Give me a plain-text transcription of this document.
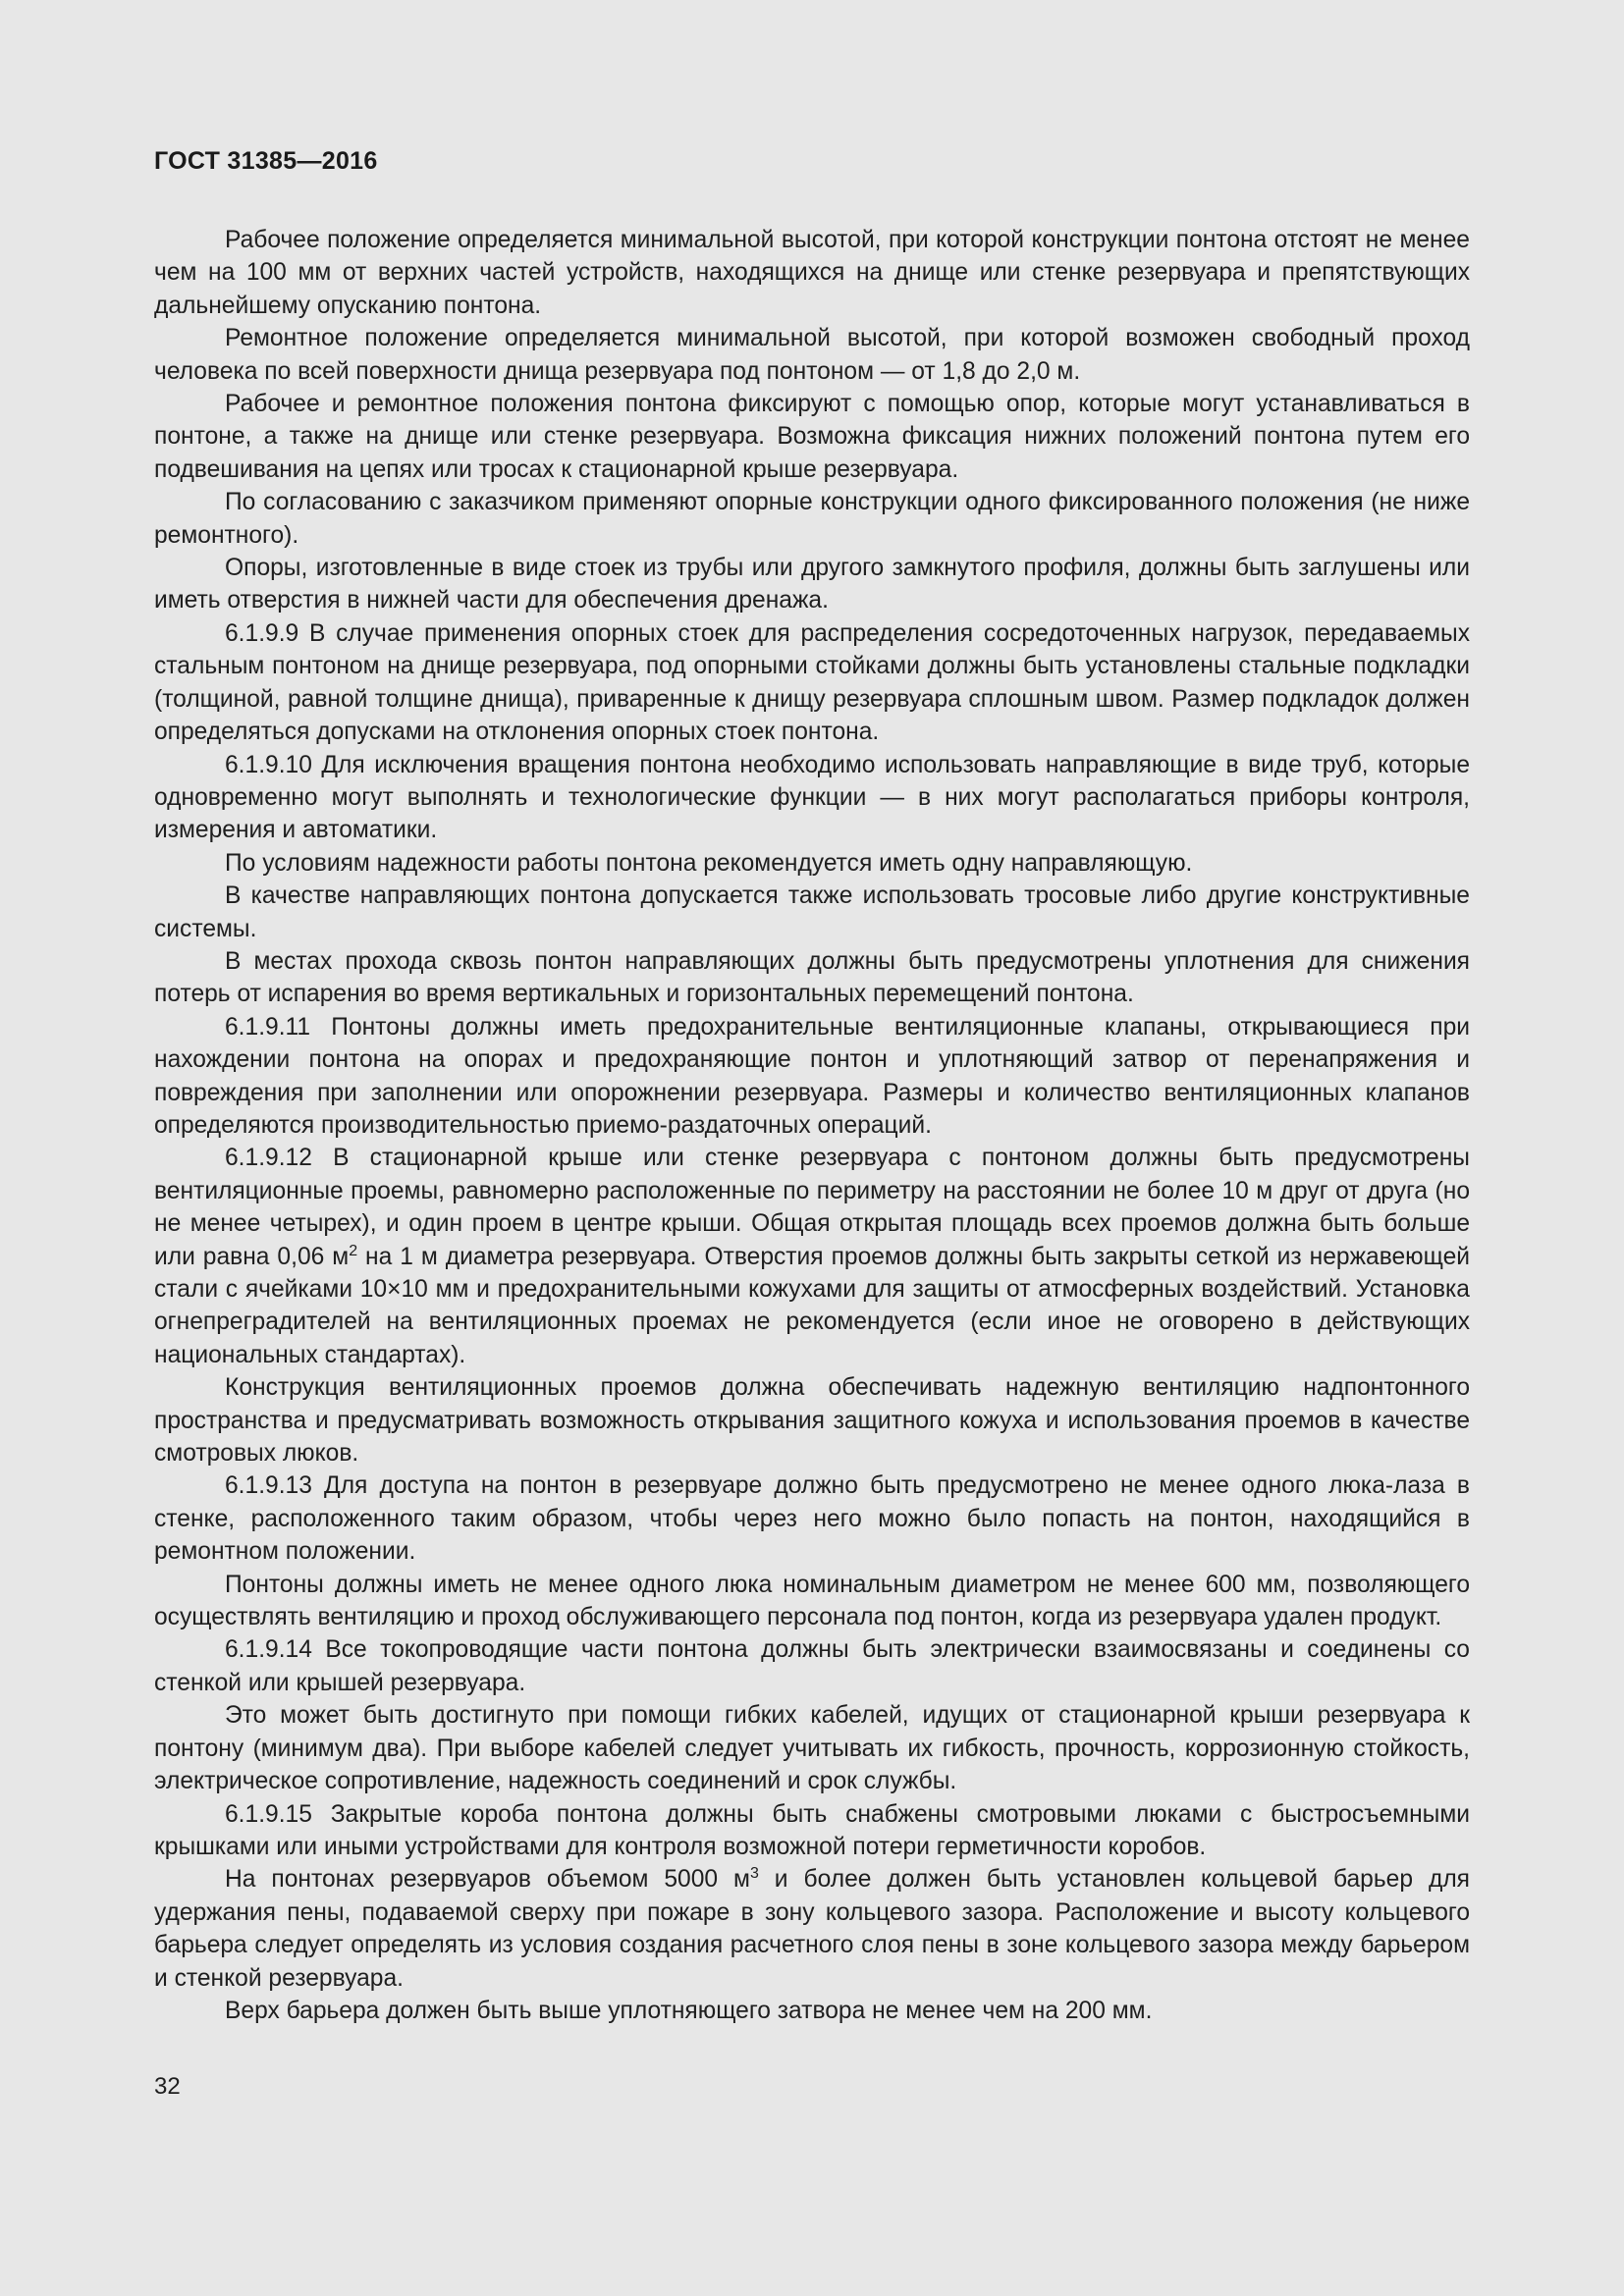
ГОСТ 31385—2016

Рабочее положение определяется минимальной высотой, при которой конструкции понтона отстоят не менее чем на 100 мм от верхних частей устройств, находящихся на днище или стенке резервуара и препятствующих дальнейшему опусканию понтона.

Ремонтное положение определяется минимальной высотой, при которой возможен свободный проход человека по всей поверхности днища резервуара под понтоном — от 1,8 до 2,0 м.

Рабочее и ремонтное положения понтона фиксируют с помощью опор, которые могут устанавливаться в понтоне, а также на днище или стенке резервуара. Возможна фиксация нижних положений понтона путем его подвешивания на цепях или тросах к стационарной крыше резервуара.

По согласованию с заказчиком применяют опорные конструкции одного фиксированного положения (не ниже ремонтного).

Опоры, изготовленные в виде стоек из трубы или другого замкнутого профиля, должны быть заглушены или иметь отверстия в нижней части для обеспечения дренажа.

6.1.9.9 В случае применения опорных стоек для распределения сосредоточенных нагрузок, передаваемых стальным понтоном на днище резервуара, под опорными стойками должны быть установлены стальные подкладки (толщиной, равной толщине днища), приваренные к днищу резервуара сплошным швом. Размер подкладок должен определяться допусками на отклонения опорных стоек понтона.

6.1.9.10 Для исключения вращения понтона необходимо использовать направляющие в виде труб, которые одновременно могут выполнять и технологические функции — в них могут располагаться приборы контроля, измерения и автоматики.

По условиям надежности работы понтона рекомендуется иметь одну направляющую.

В качестве направляющих понтона допускается также использовать тросовые либо другие конструктивные системы.

В местах прохода сквозь понтон направляющих должны быть предусмотрены уплотнения для снижения потерь от испарения во время вертикальных и горизонтальных перемещений понтона.

6.1.9.11 Понтоны должны иметь предохранительные вентиляционные клапаны, открывающиеся при нахождении понтона на опорах и предохраняющие понтон и уплотняющий затвор от перенапряжения и повреждения при заполнении или опорожнении резервуара. Размеры и количество вентиляционных клапанов определяются производительностью приемо-раздаточных операций.

6.1.9.12 В стационарной крыше или стенке резервуара с понтоном должны быть предусмотрены вентиляционные проемы, равномерно расположенные по периметру на расстоянии не более 10 м друг от друга (но не менее четырех), и один проем в центре крыши. Общая открытая площадь всех проемов должна быть больше или равна 0,06 $м^2$ на 1 м диаметра резервуара. Отверстия проемов должны быть закрыты сеткой из нержавеющей стали с ячейками 10×10 мм и предохранительными кожухами для защиты от атмосферных воздействий. Установка огнепреградителей на вентиляционных проемах не рекомендуется (если иное не оговорено в действующих национальных стандартах).

Конструкция вентиляционных проемов должна обеспечивать надежную вентиляцию надпонтонного пространства и предусматривать возможность открывания защитного кожуха и использования проемов в качестве смотровых люков.

6.1.9.13 Для доступа на понтон в резервуаре должно быть предусмотрено не менее одного люка-лаза в стенке, расположенного таким образом, чтобы через него можно было попасть на понтон, находящийся в ремонтном положении.

Понтоны должны иметь не менее одного люка номинальным диаметром не менее 600 мм, позволяющего осуществлять вентиляцию и проход обслуживающего персонала под понтон, когда из резервуара удален продукт.

6.1.9.14 Все токопроводящие части понтона должны быть электрически взаимосвязаны и соединены со стенкой или крышей резервуара.

Это может быть достигнуто при помощи гибких кабелей, идущих от стационарной крыши резервуара к понтону (минимум два). При выборе кабелей следует учитывать их гибкость, прочность, коррозионную стойкость, электрическое сопротивление, надежность соединений и срок службы.

6.1.9.15 Закрытые короба понтона должны быть снабжены смотровыми люками с быстросъемными крышками или иными устройствами для контроля возможной потери герметичности коробов.

На понтонах резервуаров объемом 5000 $м^3$ и более должен быть установлен кольцевой барьер для удержания пены, подаваемой сверху при пожаре в зону кольцевого зазора. Расположение и высоту кольцевого барьера следует определять из условия создания расчетного слоя пены в зоне кольцевого зазора между барьером и стенкой резервуара.

Верх барьера должен быть выше уплотняющего затвора не менее чем на 200 мм.

32
